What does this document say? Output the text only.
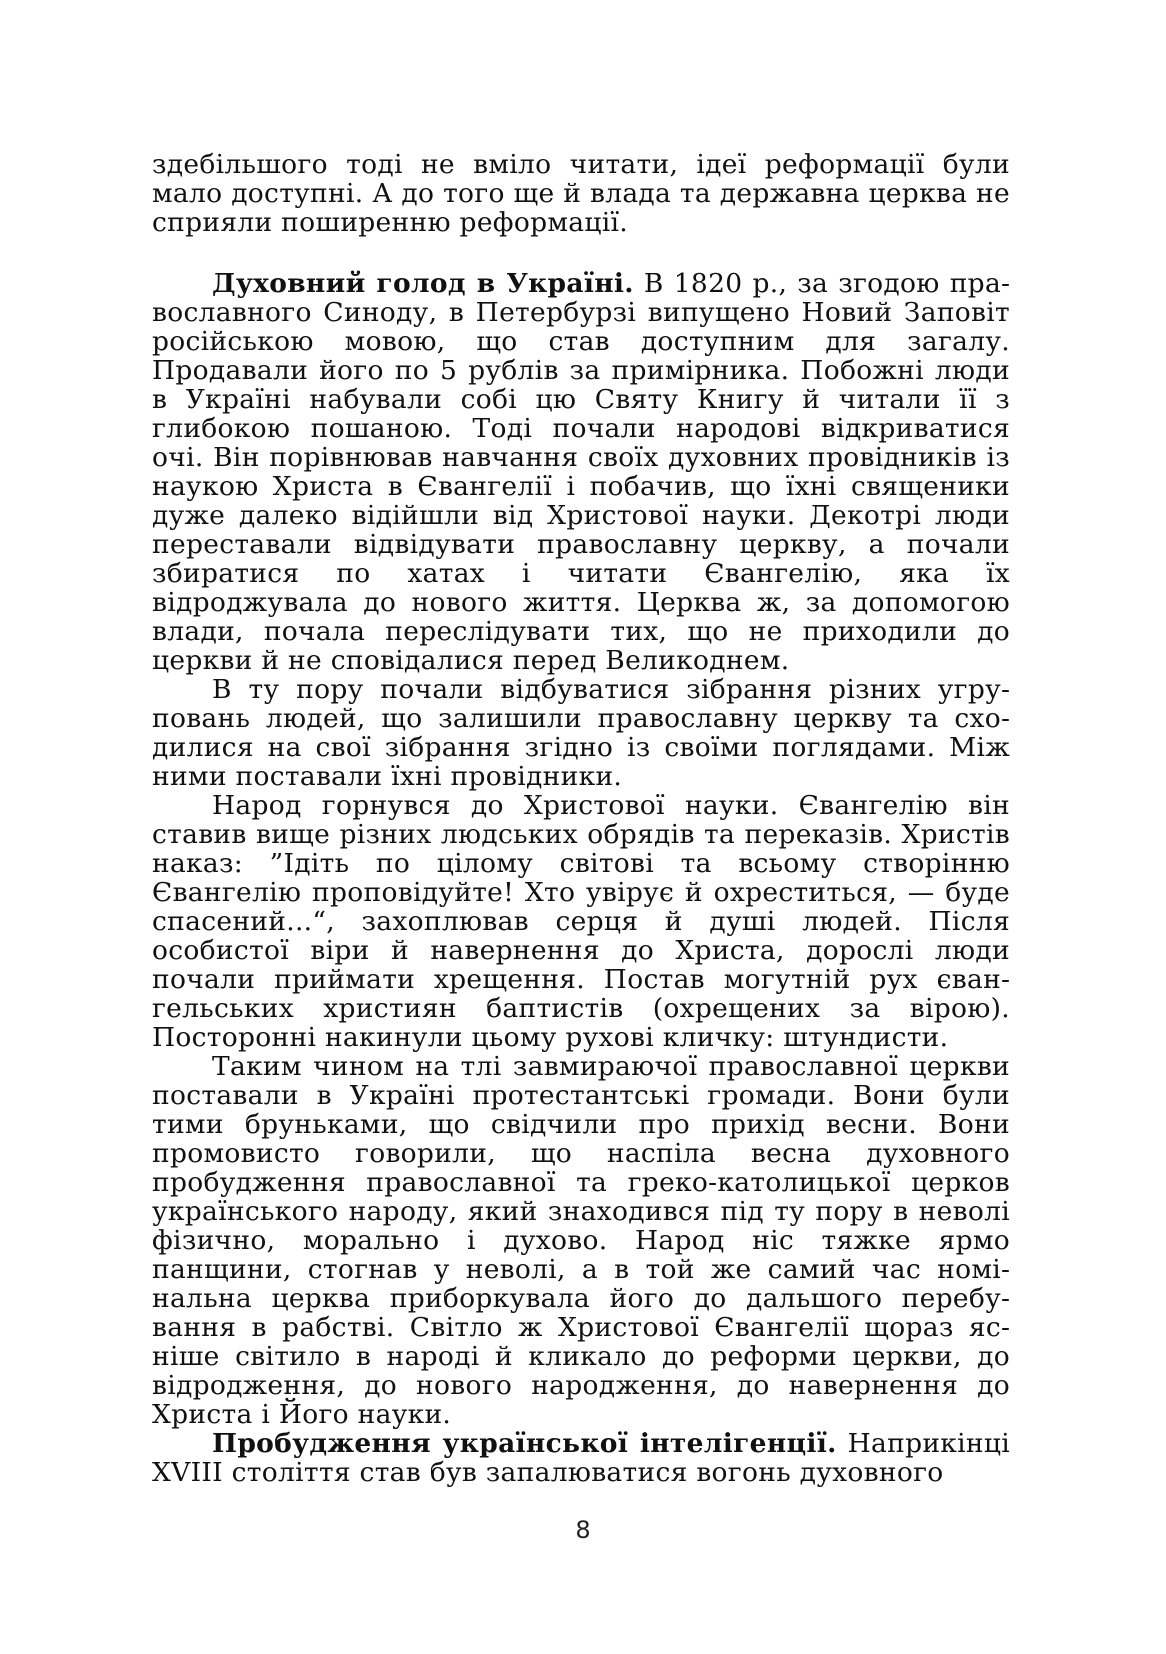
здебільшого тоді не вміло читати, ідеї реформації були мало доступні. А до того ще й влада та державна церква не сприяли поширенню реформації.

Духовний голод в Україні. В 1820 р., за згодою православного Синоду, в Петербурзі випущено Новий Заповіт російською мовою, що став доступним для загалу. Продавали його по 5 рублів за примірника. Побожні люди в Україні набували собі цю Святу Книгу й читали її з глибокою пошаною. Тоді почали народові відкриватися очі. Він порівнював навчання своїх духовних провідників із наукою Христа в Євангелії і побачив, що їхні священики дуже далеко відійшли від Христової науки. Декотрі люди переставали відвідувати православну церкву, а почали збиратися по хатах і читати Євангелію, яка їх відроджувала до нового життя. Церква ж, за допомогою влади, почала переслідувати тих, що не приходили до церкви й не сповідалися перед Великоднем.

В ту пору почали відбуватися зібрання різних угруповань людей, що залишили православну церкву та сходилися на свої зібрання згідно із своїми поглядами. Між ними поставали їхні провідники.

Народ горнувся до Христової науки. Євангелію він ставив вище різних людських обрядів та переказів. Христів наказ: ”Ідіть по цілому світові та всьому створінню Євангелію проповідуйте! Хто увірує й охреститься, — буде спасений...“, захоплював серця й душі людей. Після особистої віри й навернення до Христа, дорослі люди почали приймати хрещення. Постав могутній рух євангельських християн баптистів (охрещених за вірою). Посторонні накинули цьому рухові кличку: штундисти.

Таким чином на тлі завмираючої православної церкви поставали в Україні протестантські громади. Вони були тими бруньками, що свідчили про прихід весни. Вони промовисто говорили, що наспіла весна духовного пробудження православної та греко-католицької церков українського народу, який знаходився під ту пору в неволі фізично, морально і духово. Народ ніс тяжке ярмо панщини, стогнав у неволі, а в той же самий час номінальна церква приборкувала його до дальшого перебування в рабстві. Світло ж Христової Євангелії щораз ясніше світило в народі й кликало до реформи церкви, до відродження, до нового народження, до навернення до Христа і Його науки.

Пробудження української інтелігенції. Наприкінці XVIII століття став був запалюватися вогонь духовного

8
